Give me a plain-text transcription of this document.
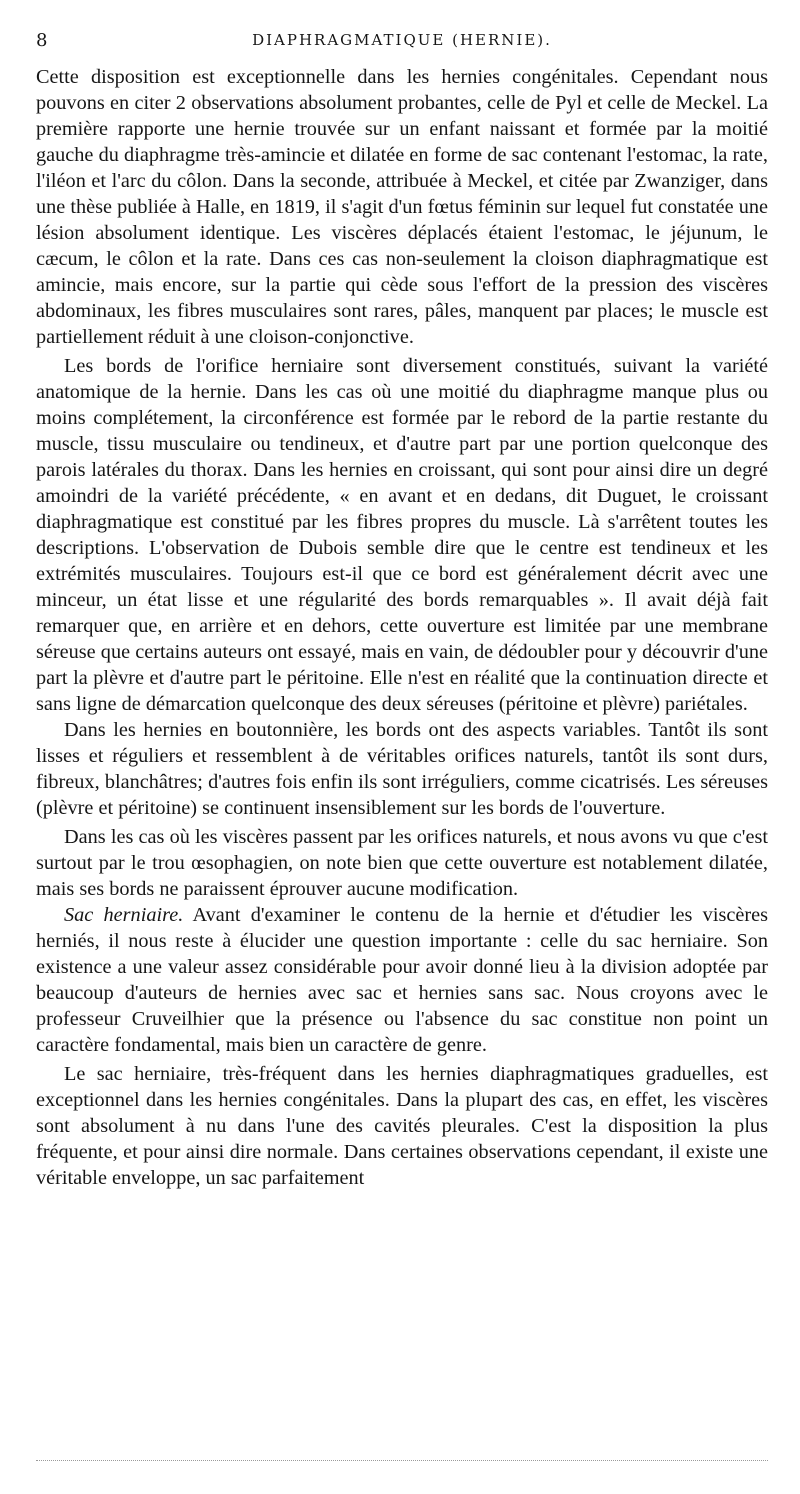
8	DIAPHRAGMATIQUE (HERNIE).

Cette disposition est exceptionnelle dans les hernies congénitales. Cependant nous pouvons en citer 2 observations absolument probantes, celle de Pyl et celle de Meckel. La première rapporte une hernie trouvée sur un enfant naissant et formée par la moitié gauche du diaphragme très-amincie et dilatée en forme de sac contenant l'estomac, la rate, l'iléon et l'arc du côlon. Dans la seconde, attribuée à Meckel, et citée par Zwanziger, dans une thèse publiée à Halle, en 1819, il s'agit d'un fœtus féminin sur lequel fut constatée une lésion absolument identique. Les viscères déplacés étaient l'estomac, le jéjunum, le cæcum, le côlon et la rate. Dans ces cas non-seulement la cloison diaphragmatique est amincie, mais encore, sur la partie qui cède sous l'effort de la pression des viscères abdominaux, les fibres musculaires sont rares, pâles, manquent par places; le muscle est partiellement réduit à une cloison-conjonctive.

Les bords de l'orifice herniaire sont diversement constitués, suivant la variété anatomique de la hernie. Dans les cas où une moitié du diaphragme manque plus ou moins complétement, la circonférence est formée par le rebord de la partie restante du muscle, tissu musculaire ou tendineux, et d'autre part par une portion quelconque des parois latérales du thorax. Dans les hernies en croissant, qui sont pour ainsi dire un degré amoindri de la variété précédente, « en avant et en dedans, dit Duguet, le croissant diaphragmatique est constitué par les fibres propres du muscle. Là s'arrêtent toutes les descriptions. L'observation de Dubois semble dire que le centre est tendineux et les extrémités musculaires. Toujours est-il que ce bord est généralement décrit avec une minceur, un état lisse et une régularité des bords remarquables ». Il avait déjà fait remarquer que, en arrière et en dehors, cette ouverture est limitée par une membrane séreuse que certains auteurs ont essayé, mais en vain, de dédoubler pour y découvrir d'une part la plèvre et d'autre part le péritoine. Elle n'est en réalité que la continuation directe et sans ligne de démarcation quelconque des deux séreuses (péritoine et plèvre) pariétales.

Dans les hernies en boutonnière, les bords ont des aspects variables. Tantôt ils sont lisses et réguliers et ressemblent à de véritables orifices naturels, tantôt ils sont durs, fibreux, blanchâtres; d'autres fois enfin ils sont irréguliers, comme cicatrisés. Les séreuses (plèvre et péritoine) se continuent insensiblement sur les bords de l'ouverture.

Dans les cas où les viscères passent par les orifices naturels, et nous avons vu que c'est surtout par le trou œsophagien, on note bien que cette ouverture est notablement dilatée, mais ses bords ne paraissent éprouver aucune modification.

Sac herniaire. Avant d'examiner le contenu de la hernie et d'étudier les viscères herniés, il nous reste à élucider une question importante : celle du sac herniaire. Son existence a une valeur assez considérable pour avoir donné lieu à la division adoptée par beaucoup d'auteurs de hernies avec sac et hernies sans sac. Nous croyons avec le professeur Cruveilhier que la présence ou l'absence du sac constitue non point un caractère fondamental, mais bien un caractère de genre.

Le sac herniaire, très-fréquent dans les hernies diaphragmatiques graduelles, est exceptionnel dans les hernies congénitales. Dans la plupart des cas, en effet, les viscères sont absolument à nu dans l'une des cavités pleurales. C'est la disposition la plus fréquente, et pour ainsi dire normale. Dans certaines observations cependant, il existe une véritable enveloppe, un sac parfaitement
